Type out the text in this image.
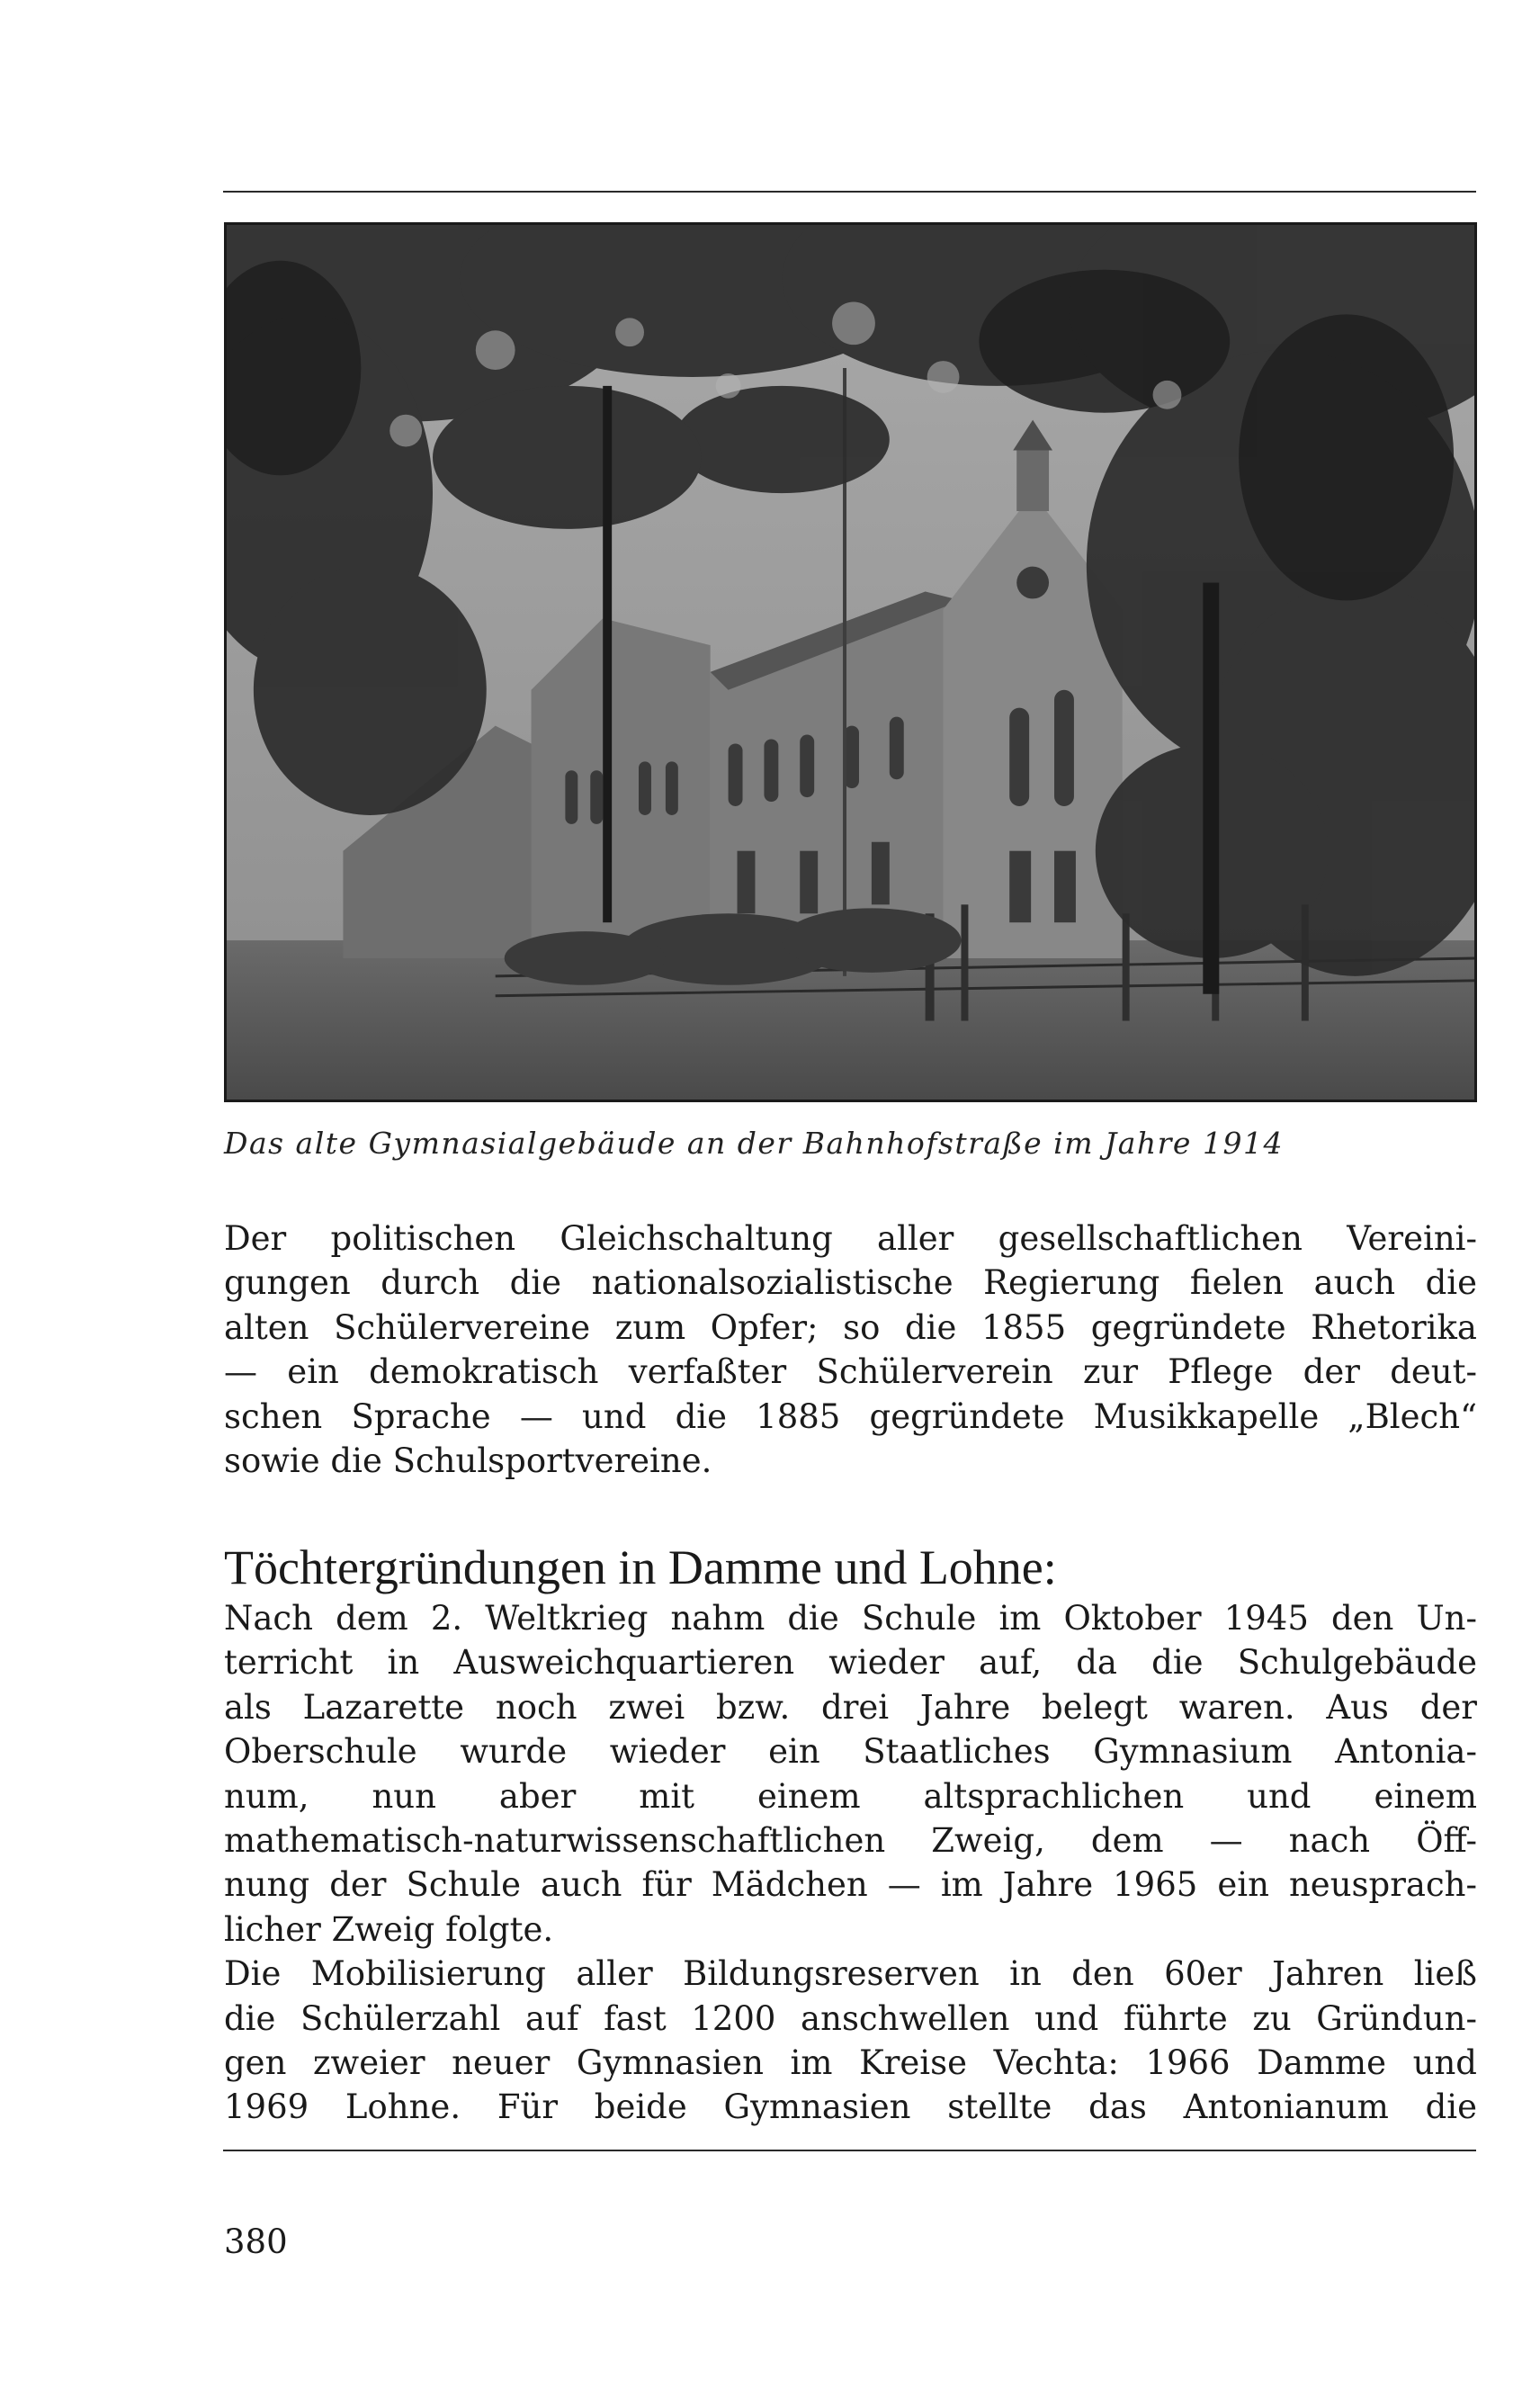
Das alte Gymnasialgebäude an der Bahnhofstraße im Jahre 1914
Der politischen Gleichschaltung aller gesellschaftlichen Vereini-
gungen durch die nationalsozialistische Regierung fielen auch die
alten Schülervereine zum Opfer; so die 1855 gegründete Rhetorika
— ein demokratisch verfaßter Schülerverein zur Pflege der deut-
schen Sprache — und die 1885 gegründete Musikkapelle „Blech“
sowie die Schulsportvereine.
Töchtergründungen in Damme und Lohne:
Nach dem 2. Weltkrieg nahm die Schule im Oktober 1945 den Un-
terricht in Ausweichquartieren wieder auf, da die Schulgebäude
als Lazarette noch zwei bzw. drei Jahre belegt waren. Aus der
Oberschule wurde wieder ein Staatliches Gymnasium Antonia-
num, nun aber mit einem altsprachlichen und einem
mathematisch-naturwissenschaftlichen Zweig, dem — nach Öff-
nung der Schule auch für Mädchen — im Jahre 1965 ein neusprach-
licher Zweig folgte.
Die Mobilisierung aller Bildungsreserven in den 60er Jahren ließ
die Schülerzahl auf fast 1200 anschwellen und führte zu Gründun-
gen zweier neuer Gymnasien im Kreise Vechta: 1966 Damme und
1969 Lohne. Für beide Gymnasien stellte das Antonianum die
380
